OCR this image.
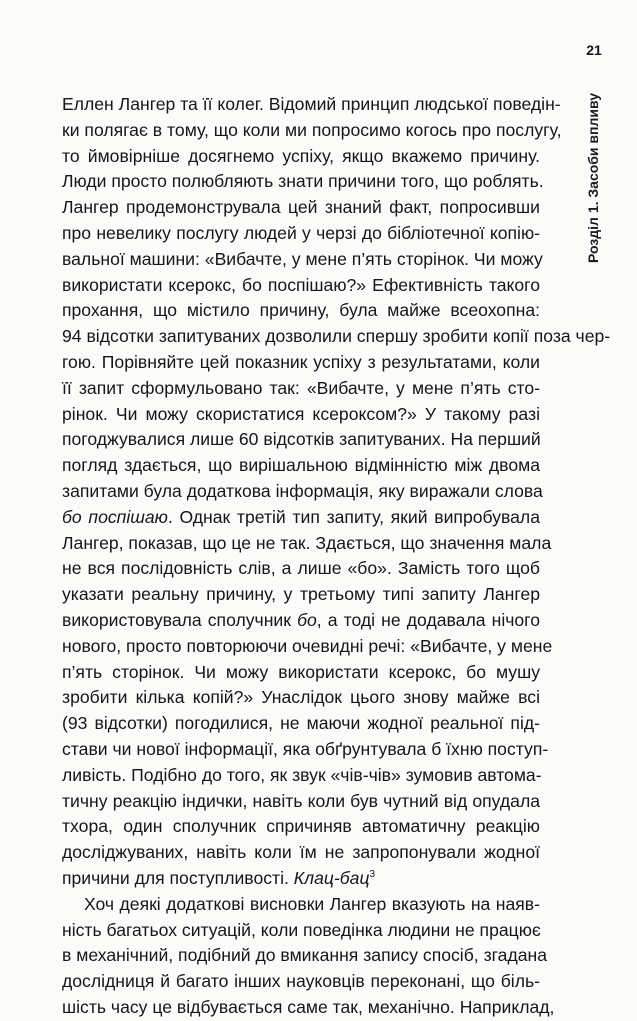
21
Розділ 1. Засоби впливу
Еллен Лангер та її колег. Відомий принцип людської поведін-
ки полягає в тому, що коли ми попросимо когось про послугу,
то ймовірніше досягнемо успіху, якщо вкажемо причину.
Люди просто полюбляють знати причини того, що роблять.
Лангер продемонструвала цей знаний факт, попросивши
про невелику послугу людей у черзі до бібліотечної копію-
вальної машини: «Вибачте, у мене п’ять сторінок. Чи можу
використати ксерокс, бо поспішаю?» Ефективність такого
прохання, що містило причину, була майже всеохопна:
94 відсотки запитуваних дозволили спершу зробити копії поза чер-
гою. Порівняйте цей показник успіху з результатами, коли
її запит сформульовано так: «Вибачте, у мене п’ять сто-
рінок. Чи можу скористатися ксероксом?» У такому разі
погоджувалися лише 60 відсотків запитуваних. На перший
погляд здається, що вирішальною відмінністю між двома
запитами була додаткова інформація, яку виражали слова
бо поспішаю. Однак третій тип запиту, який випробувала
Лангер, показав, що це не так. Здається, що значення мала
не вся послідовність слів, а лише «бо». Замість того щоб
указати реальну причину, у третьому типі запиту Лангер
використовувала сполучник бо, а тоді не додавала нічого
нового, просто повторюючи очевидні речі: «Вибачте, у мене
п’ять сторінок. Чи можу використати ксерокс, бо мушу
зробити кілька копій?» Унаслідок цього знову майже всі
(93 відсотки) погодилися, не маючи жодної реальної під-
стави чи нової інформації, яка обґрунтувала б їхню поступ-
ливість. Подібно до того, як звук «чів-чів» зумовив автома-
тичну реакцію індички, навіть коли був чутний від опудала
тхора, один сполучник спричиняв автоматичну реакцію
досліджуваних, навіть коли їм не запропонували жодної
причини для поступливості. Клац-бац$^3$
Хоч деякі додаткові висновки Лангер вказують на наяв-
ність багатьох ситуацій, коли поведінка людини не працює
в механічний, подібний до вмикання запису спосіб, згадана
дослідниця й багато інших науковців переконані, що біль-
шість часу це відбувається саме так, механічно. Наприклад,
